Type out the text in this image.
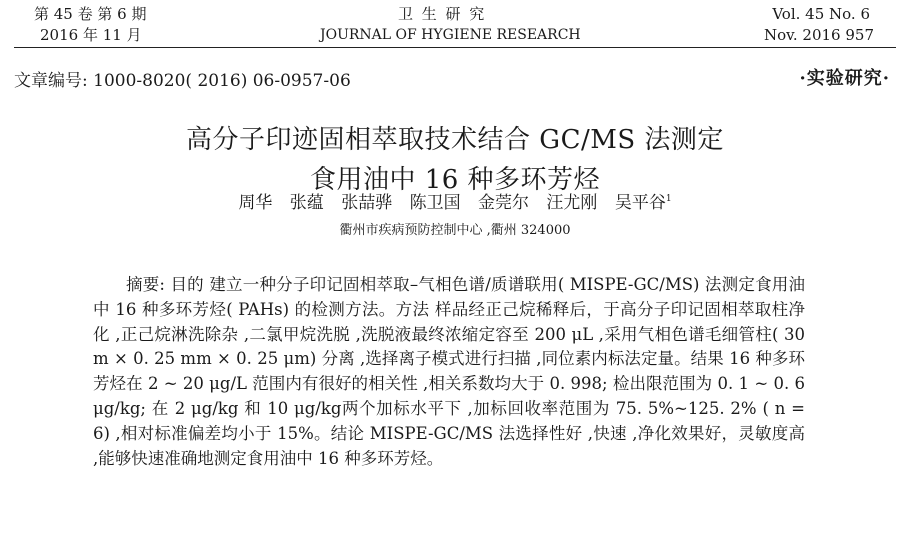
第 45 卷 第 6 期	卫 生 研 究	Vol. 45 No. 6
2016 年 11 月	JOURNAL OF HYGIENE RESEARCH	Nov. 2016 957
文章编号: 1000-8020( 2016) 06-0957-06	·实验研究·
高分子印迹固相萃取技术结合 GC/MS 法测定
食用油中 16 种多环芳烃
周华 张蕴 张喆骅 陈卫国 金莞尔 汪尤刚 吴平谷$^1$
衢州市疾病预防控制中心 ,衢州 324000

摘要: 目的 建立一种分子印记固相萃取–气相色谱/质谱联用( MISPE-GC/MS) 法测定食用油中 16 种多环芳烃( PAHs) 的检测方法。方法 样品经正己烷稀释后，于高分子印记固相萃取柱净化 ,正己烷淋洗除杂 ,二氯甲烷洗脱 ,洗脱液最终浓缩定容至 200 μL ,采用气相色谱毛细管柱( 30 m × 0. 25 mm × 0. 25 μm) 分离 ,选择离子模式进行扫描 ,同位素内标法定量。结果 16 种多环芳烃在 2 ~ 20 μg/L 范围内有很好的相关性 ,相关系数均大于 0. 998; 检出限范围为 0. 1 ~ 0. 6 μg/kg; 在 2 μg/kg 和 10 μg/kg两个加标水平下 ,加标回收率范围为 75. 5%~125. 2% ( n = 6) ,相对标准偏差均小于 15%。结论 MISPE-GC/MS 法选择性好 ,快速 ,净化效果好，灵敏度高 ,能够快速准确地测定食用油中 16 种多环芳烃。
